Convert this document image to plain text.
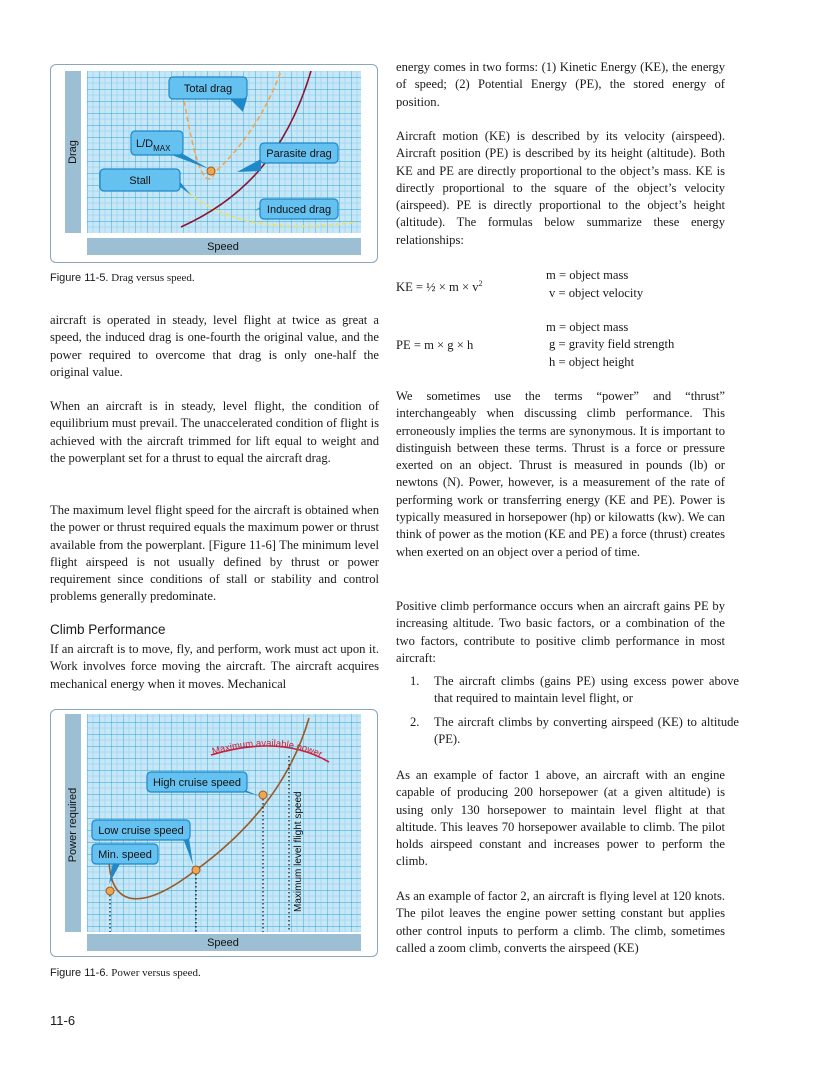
Drag
Speed
Total drag
$L/D_{MAX}$	Parasite drag
Stall
Induced drag
Figure 11-5. Drag versus speed.

aircraft is operated in steady, level flight at twice as great a speed, the induced drag is one-fourth the original value, and the power required to overcome that drag is only one-half the original value.

When an aircraft is in steady, level flight, the condition of equilibrium must prevail. The unaccelerated condition of flight is achieved with the aircraft trimmed for lift equal to weight and the powerplant set for a thrust to equal the aircraft drag.

The maximum level flight speed for the aircraft is obtained when the power or thrust required equals the maximum power or thrust available from the powerplant. [Figure 11-6] The minimum level flight airspeed is not usually defined by thrust or power requirement since conditions of stall or stability and control problems generally predominate.

Climb Performance

If an aircraft is to move, fly, and perform, work must act upon it. Work involves force moving the aircraft. The aircraft acquires mechanical energy when it moves. Mechanical

Power required
Speed
Maximum available power
Maximum level flight speed
High cruise speed
Low cruise speed
Min. speed
Figure 11-6. Power versus speed.
11-6

energy comes in two forms: (1) Kinetic Energy (KE), the energy of speed; (2) Potential Energy (PE), the stored energy of position.

Aircraft motion (KE) is described by its velocity (airspeed). Aircraft position (PE) is described by its height (altitude). Both KE and PE are directly proportional to the object’s mass. KE is directly proportional to the square of the object’s velocity (airspeed). PE is directly proportional to the object’s height (altitude). The formulas below summarize these energy relationships:

KE = ½ × $m \times v^2$
m = object mass
v = object velocity
PE = m × g × h
m = object mass
g = gravity field strength
h = object height

We sometimes use the terms “power” and “thrust” interchangeably when discussing climb performance. This erroneously implies the terms are synonymous. It is important to distinguish between these terms. Thrust is a force or pressure exerted on an object. Thrust is measured in pounds (lb) or newtons (N). Power, however, is a measurement of the rate of performing work or transferring energy (KE and PE). Power is typically measured in horsepower (hp) or kilowatts (kw). We can think of power as the motion (KE and PE) a force (thrust) creates when exerted on an object over a period of time.

Positive climb performance occurs when an aircraft gains PE by increasing altitude. Two basic factors, or a combination of the two factors, contribute to positive climb performance in most aircraft:

1. The aircraft climbs (gains PE) using excess power above that required to maintain level flight, or
2. The aircraft climbs by converting airspeed (KE) to altitude (PE).

As an example of factor 1 above, an aircraft with an engine capable of producing 200 horsepower (at a given altitude) is using only 130 horsepower to maintain level flight at that altitude. This leaves 70 horsepower available to climb. The pilot holds airspeed constant and increases power to perform the climb.

As an example of factor 2, an aircraft is flying level at 120 knots. The pilot leaves the engine power setting constant but applies other control inputs to perform a climb. The climb, sometimes called a zoom climb, converts the airspeed (KE)
